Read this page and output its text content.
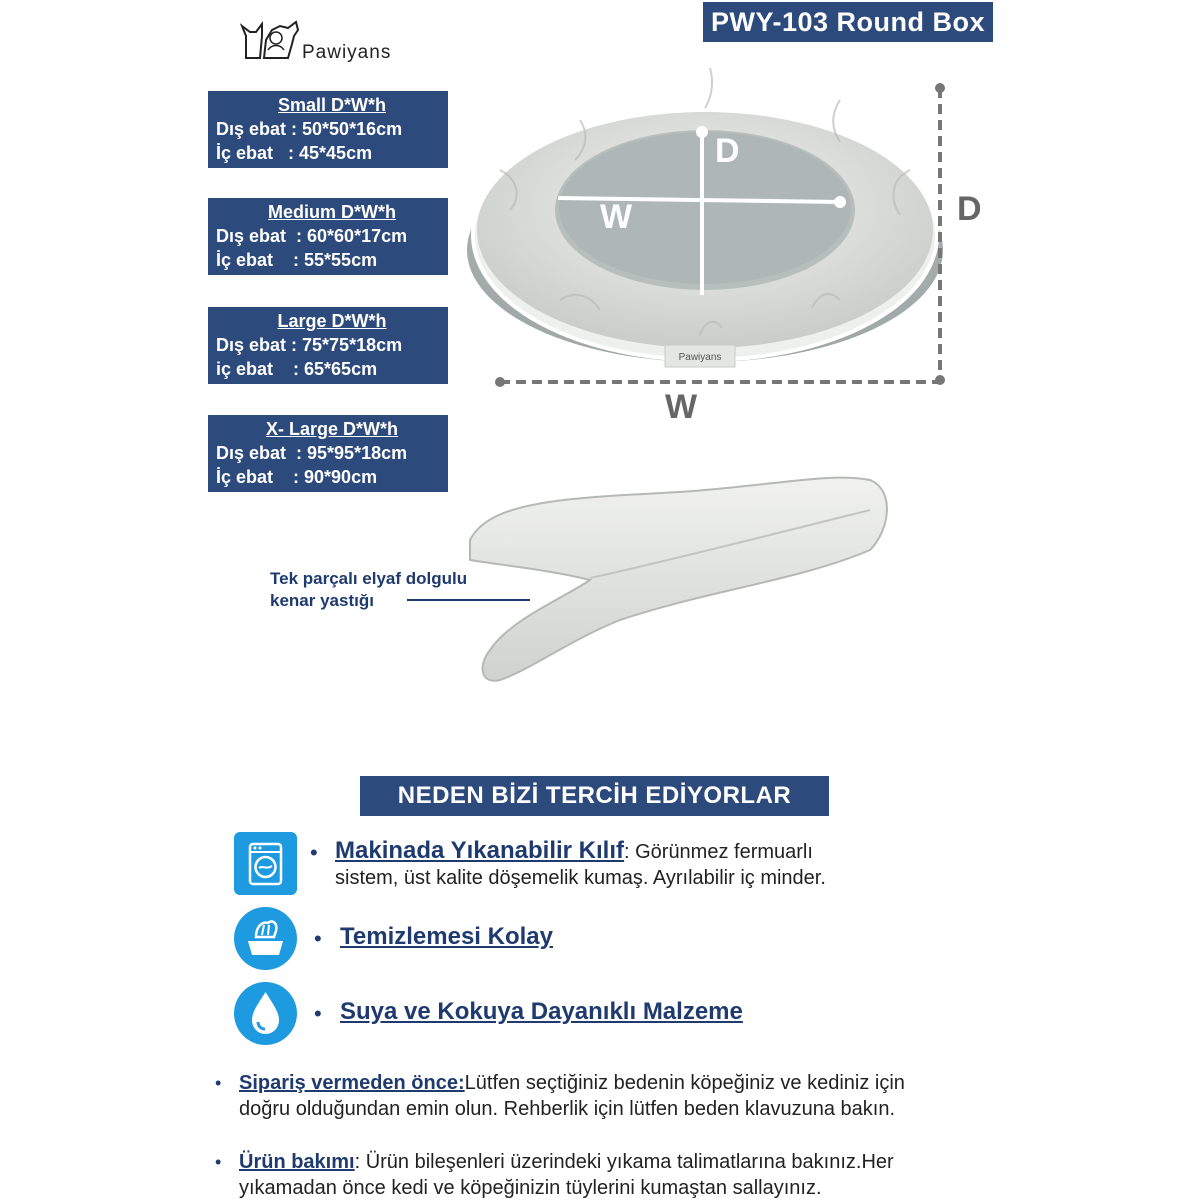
Pawiyans
PWY-103 Round Box
Small D*W*h
Dış ebat : 50*50*16cm
İç ebat   : 45*45cm
Medium D*W*h
Dış ebat  : 60*60*17cm
İç ebat    : 55*55cm
Large D*W*h
Dış ebat : 75*75*18cm
iç ebat    : 65*65cm
X- Large D*W*h
Dış ebat  : 95*95*18cm
İç ebat    : 90*90cm
Pawiyans
D
W	D
W
Tek parçalı elyaf dolgulu
kenar yastığı
NEDEN BİZİ TERCİH EDİYORLAR
• Makinada Yıkanabilir Kılıf: Görünmez fermuarlı
sistem, üst kalite döşemelik kumaş. Ayrılabilir iç minder.
• Temizlemesi Kolay
• Suya ve Kokuya Dayanıklı Malzeme
• Sipariş vermeden önce:Lütfen seçtiğiniz bedenin köpeğiniz ve kediniz için
doğru olduğundan emin olun. Rehberlik için lütfen beden klavuzuna bakın.
• Ürün bakımı: Ürün bileşenleri üzerindeki yıkama talimatlarına bakınız.Her
yıkamadan önce kedi ve köpeğinizin tüylerini kumaştan sallayınız.
